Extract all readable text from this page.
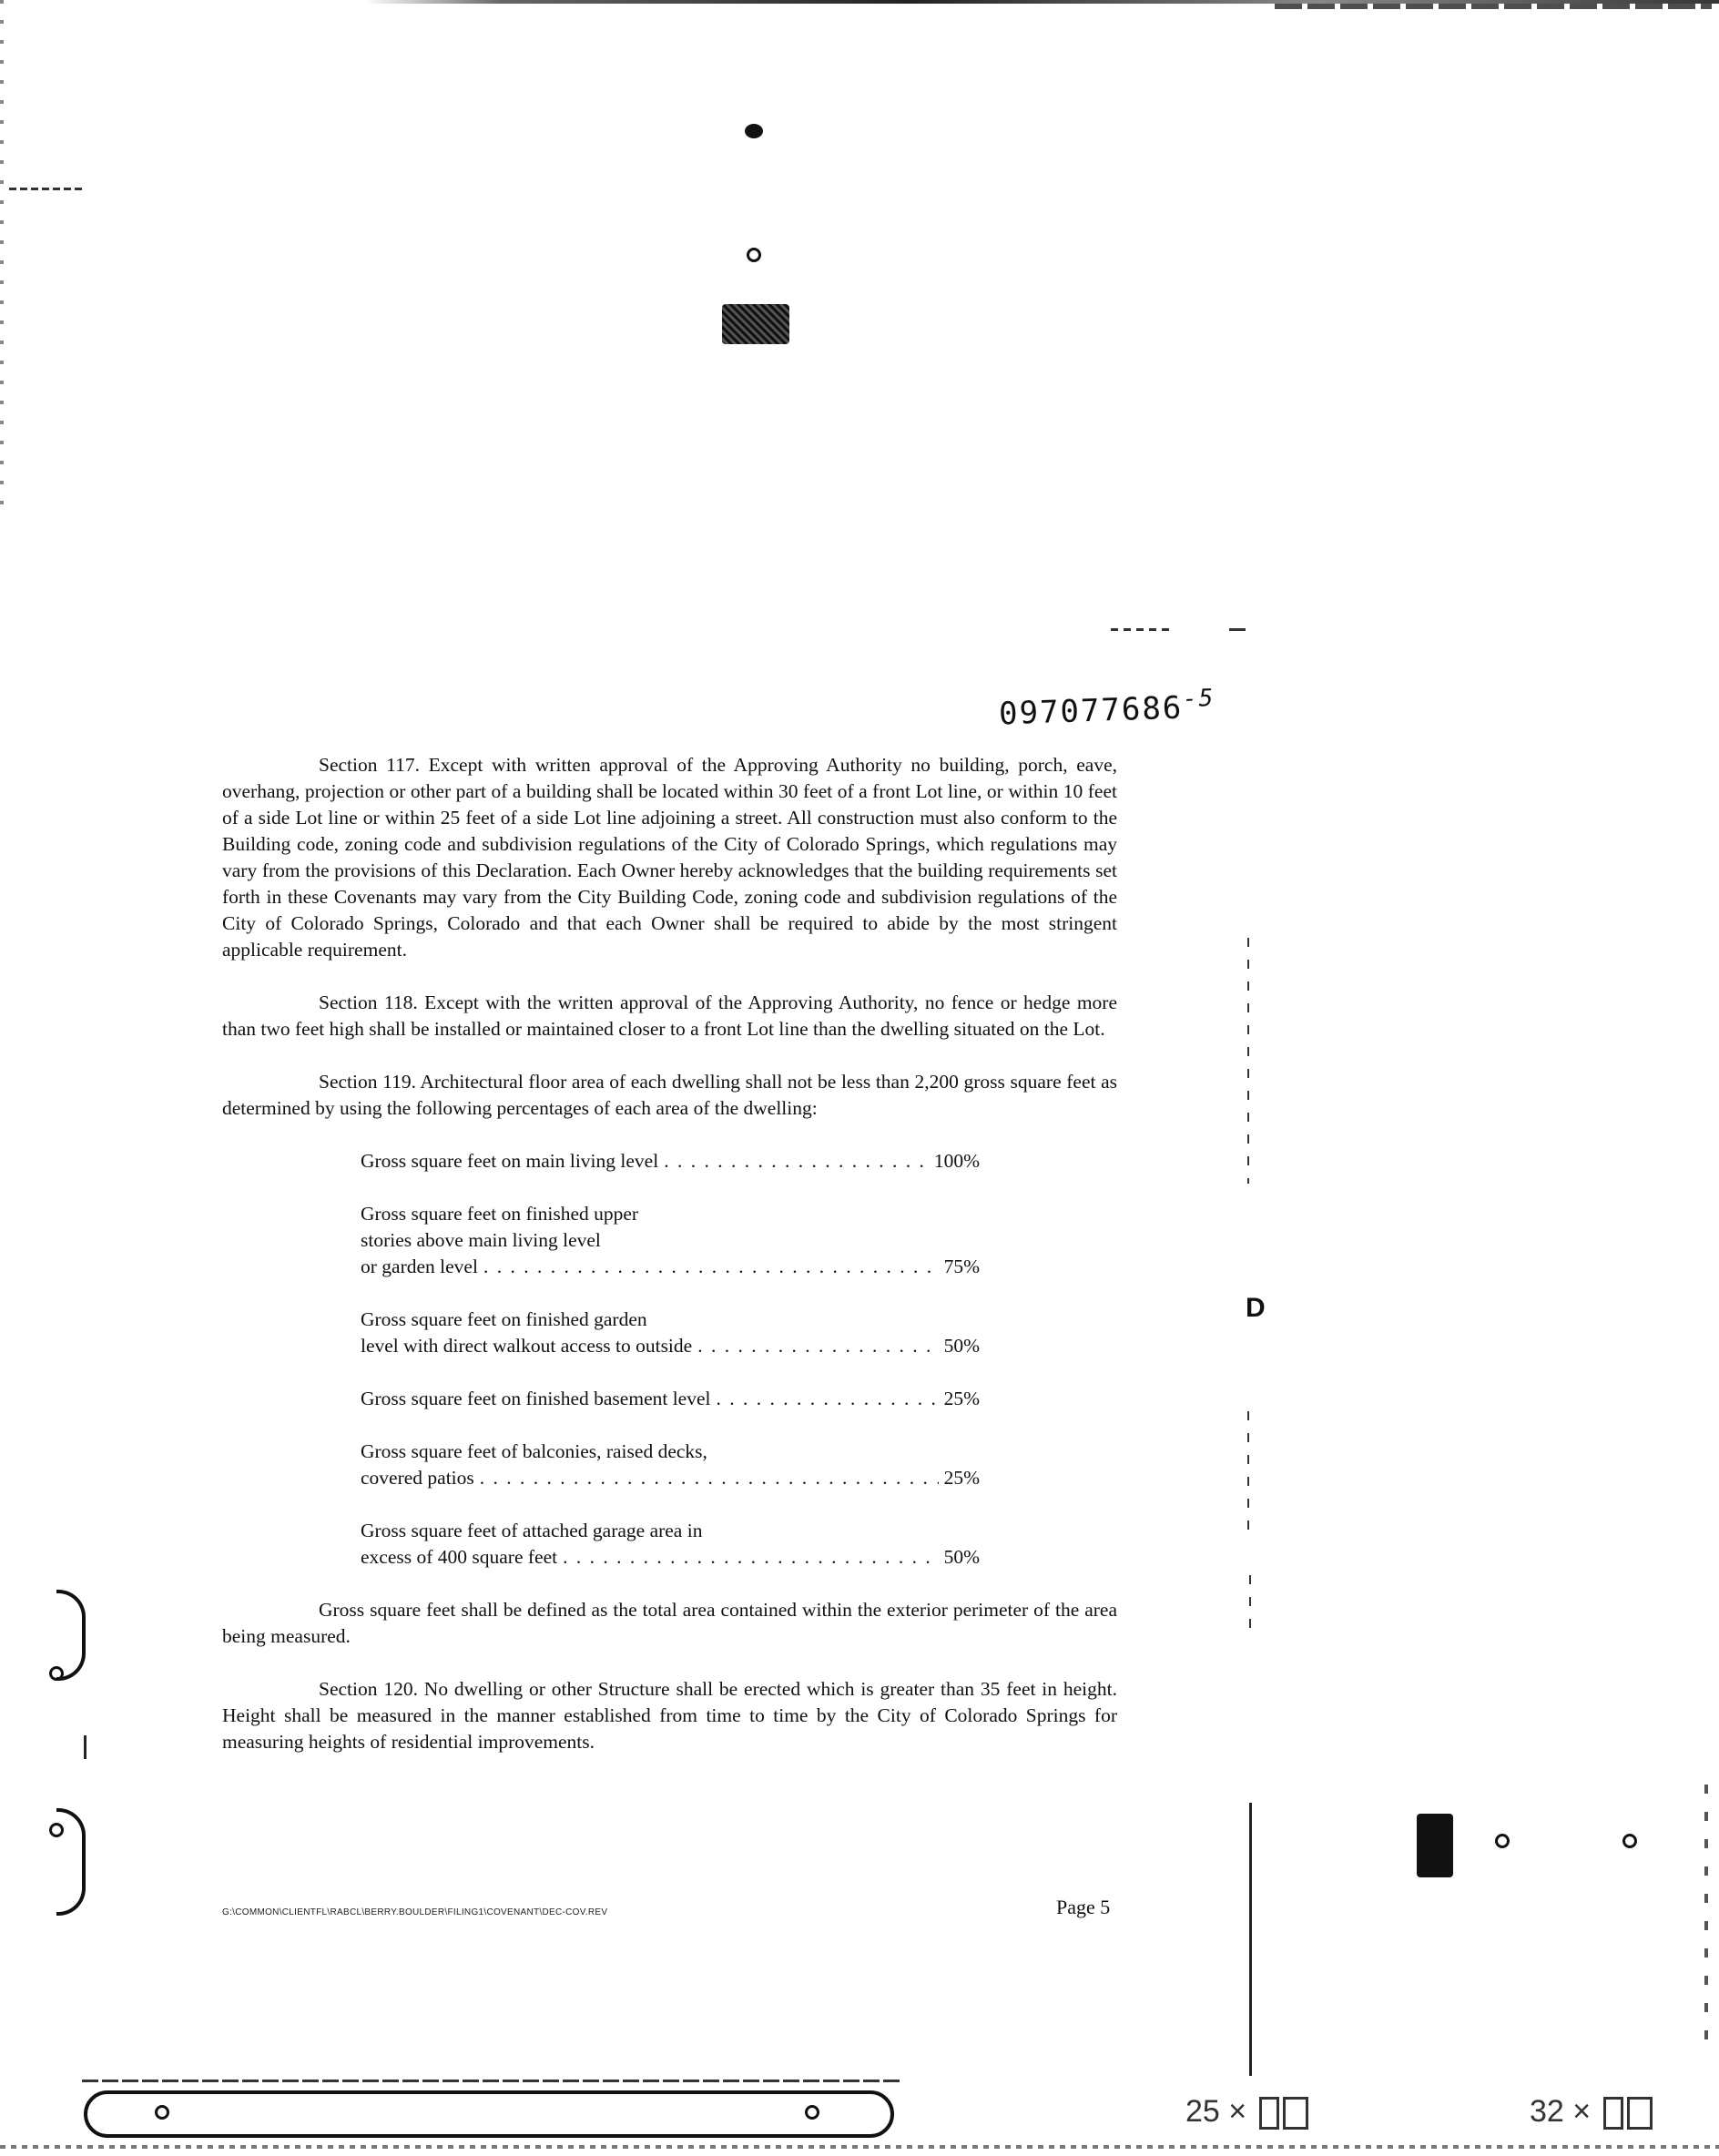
$097077686^{-5}$
D
25 ×	32 ×

Section 117. Except with written approval of the Approving Authority no building, porch, eave, overhang, projection or other part of a building shall be located within 30 feet of a front Lot line, or within 10 feet of a side Lot line or within 25 feet of a side Lot line adjoining a street. All construction must also conform to the Building code, zoning code and subdivision regulations of the City of Colorado Springs, which regulations may vary from the provisions of this Declaration. Each Owner hereby acknowledges that the building requirements set forth in these Covenants may vary from the City Building Code, zoning code and subdivision regulations of the City of Colorado Springs, Colorado and that each Owner shall be required to abide by the most stringent applicable requirement.

Section 118. Except with the written approval of the Approving Authority, no fence or hedge more than two feet high shall be installed or maintained closer to a front Lot line than the dwelling situated on the Lot.

Section 119. Architectural floor area of each dwelling shall not be less than 2,200 gross square feet as determined by using the following percentages of each area of the dwelling:

Gross square feet on main living level . . .	100%
Gross square feet on finished upper
stories above main living level
or garden level . . .	75%
Gross square feet on finished garden
level with direct walkout access to outside . . .	50%
Gross square feet on finished basement level . . .	25%
Gross square feet of balconies, raised decks,
covered patios . . .	25%
Gross square feet of attached garage area in
excess of 400 square feet . . .	50%

Gross square feet shall be defined as the total area contained within the exterior perimeter of the area being measured.

Section 120. No dwelling or other Structure shall be erected which is greater than 35 feet in height. Height shall be measured in the manner established from time to time by the City of Colorado Springs for measuring heights of residential improvements.

G:\COMMON\CLIENTFL\RABCL\BERRY.BOULDER\FILING1\COVENANT\DEC-COV.REV	Page 5
